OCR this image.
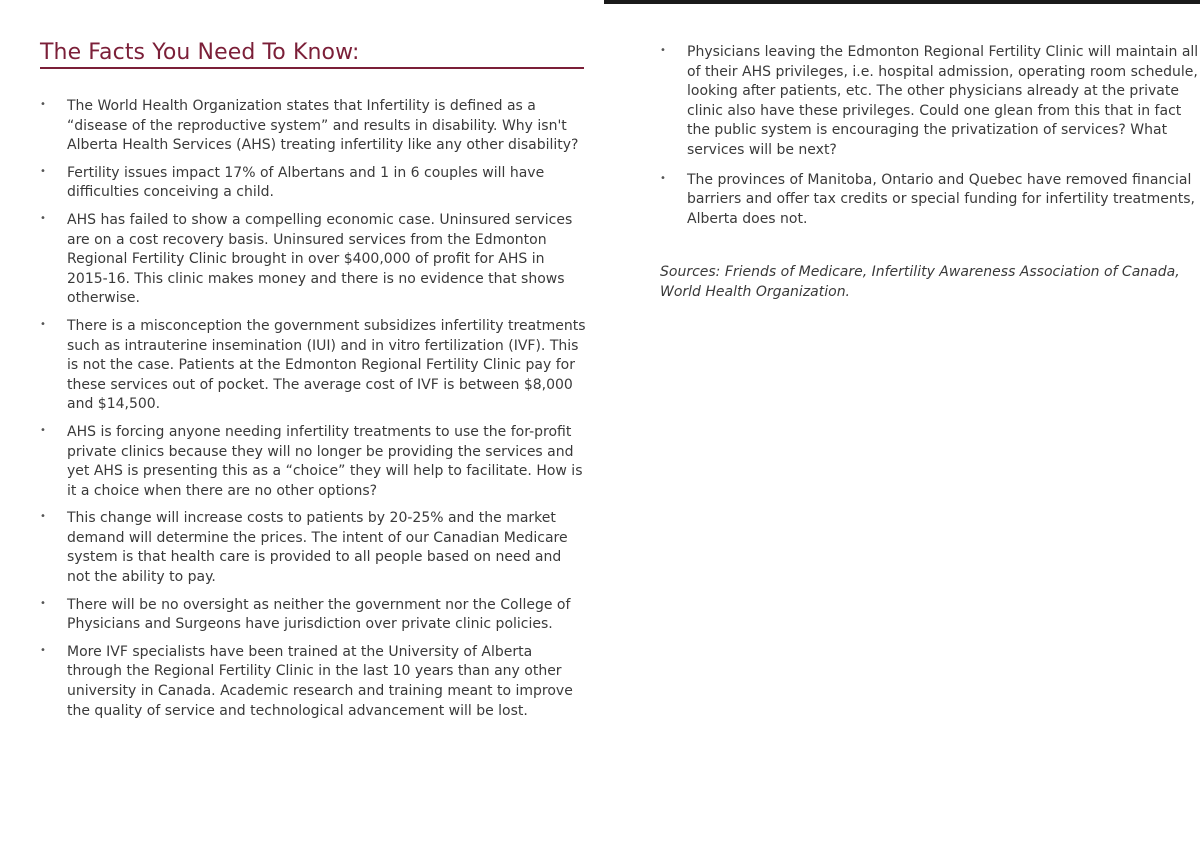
The Facts You Need To Know:
• The World Health Organization states that Infertility is defined as a “disease of the reproductive system” and results in disability. Why isn't Alberta Health Services (AHS) treating infertility like any other disability?
• Fertility issues impact 17% of Albertans and 1 in 6 couples will have difficulties conceiving a child.
• AHS has failed to show a compelling economic case. Uninsured services are on a cost recovery basis. Uninsured services from the Edmonton Regional Fertility Clinic brought in over $400,000 of profit for AHS in 2015-16. This clinic makes money and there is no evidence that shows otherwise.
• There is a misconception the government subsidizes infertility treatments such as intrauterine insemination (IUI) and in vitro fertilization (IVF). This is not the case. Patients at the Edmonton Regional Fertility Clinic pay for these services out of pocket. The average cost of IVF is between $8,000 and $14,500.
• AHS is forcing anyone needing infertility treatments to use the for-profit private clinics because they will no longer be providing the services and yet AHS is presenting this as a “choice” they will help to facilitate. How is it a choice when there are no other options?
• This change will increase costs to patients by 20-25% and the market demand will determine the prices. The intent of our Canadian Medicare system is that health care is provided to all people based on need and not the ability to pay.
• There will be no oversight as neither the government nor the College of Physicians and Surgeons have jurisdiction over private clinic policies.
• More IVF specialists have been trained at the University of Alberta through the Regional Fertility Clinic in the last 10 years than any other university in Canada. Academic research and training meant to improve the quality of service and technological advancement will be lost.
• Physicians leaving the Edmonton Regional Fertility Clinic will maintain all of their AHS privileges, i.e. hospital admission, operating room schedule, looking after patients, etc. The other physicians already at the private clinic also have these privileges. Could one glean from this that in fact the public system is encouraging the privatization of services? What services will be next?
• The provinces of Manitoba, Ontario and Quebec have removed financial barriers and offer tax credits or special funding for infertility treatments, Alberta does not.

Sources: Friends of Medicare, Infertility Awareness Association of Canada, World Health Organization.
